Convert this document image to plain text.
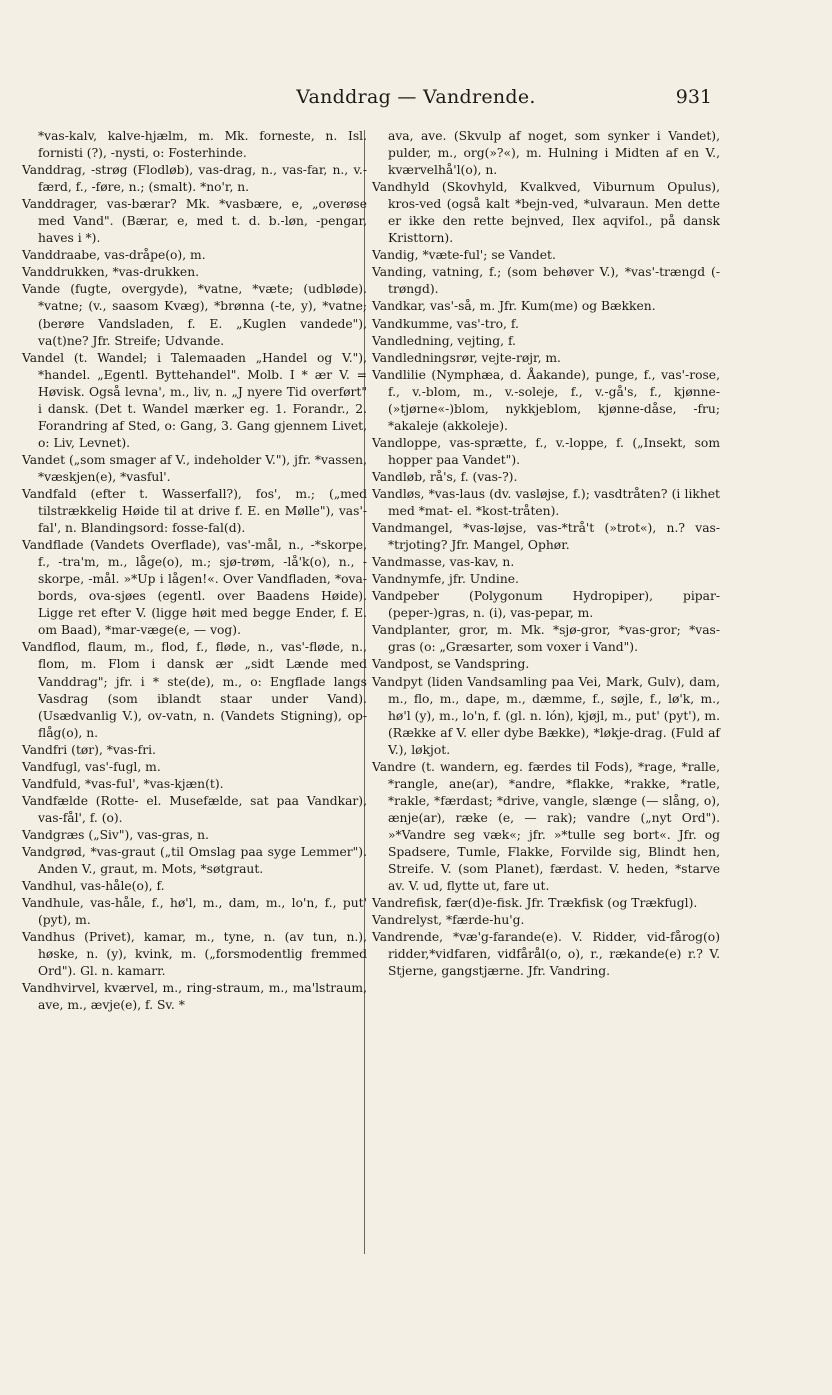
Vanddrag — Vandrende.	931

*vas-kalv, kalve-hjælm, m. Mk. forneste, n. Isl. fornisti (?), -nysti, o: Fosterhinde.

Vanddrag, -strøg (Flodløb), vas-drag, n., vas-far, n., v.-færd, f., -føre, n.; (smalt). *no'r, n.

Vanddrager, vas-bærar? Mk. *vasbære, e, „overøse med Vand". (Bærar, e, med t. d. b.-løn, -pengar, haves i *).

Vanddraabe, vas-dråpe(o), m.

Vanddrukken, *vas-drukken.

Vande (fugte, overgyde), *vatne, *væte; (udbløde). *vatne; (v., saasom Kvæg), *brønna (-te, y), *vatne; (berøre Vandsladen, f. E. „Kuglen vandede"), va(t)ne? Jfr. Streife; Udvande.

Vandel (t. Wandel; i Talemaaden „Handel og V."), *handel. „Egentl. Byttehandel". Molb. I * ær V. = Høvisk. Også levna', m., liv, n. „J nyere Tid overført" i dansk. (Det t. Wandel mærker eg. 1. Forandr., 2. Forandring af Sted, o: Gang, 3. Gang gjennem Livet, o: Liv, Levnet).

Vandet („som smager af V., indeholder V."), jfr. *vassen, *væskjen(e), *vasful'.

Vandfald (efter t. Wasserfall?), fos', m.; („med tilstrækkelig Høide til at drive f. E. en Mølle"), vas'-fal', n. Blandingsord: fosse-fal(d).

Vandflade (Vandets Overflade), vas'-mål, n., -*skorpe, f., -tra'm, m., låge(o), m.; sjø-trøm, -lå'k(o), n., -skorpe, -mål. »*Up i lågen!«. Over Vandfladen, *ova-bords, ova-sjøes (egentl. over Baadens Høide). Ligge ret efter V. (ligge høit med begge Ender, f. E. om Baad), *mar-væge(e, — vog).

Vandflod, flaum, m., flod, f., fløde, n., vas'-fløde, n., flom, m. Flom i dansk ær „sidt Lænde med Vanddrag"; jfr. i * ste(de), m., o: Engflade langs Vasdrag (som iblandt staar under Vand). (Usædvanlig V.), ov-vatn, n. (Vandets Stigning), op-flåg(o), n.

Vandfri (tør), *vas-fri.

Vandfugl, vas'-fugl, m.

Vandfuld, *vas-ful', *vas-kjæn(t).

Vandfælde (Rotte- el. Musefælde, sat paa Vandkar), vas-fål', f. (o).

Vandgræs („Siv"), vas-gras, n.

Vandgrød, *vas-graut („til Omslag paa syge Lemmer"). Anden V., graut, m. Mots, *søtgraut.

Vandhul, vas-håle(o), f.

Vandhule, vas-håle, f., hø'l, m., dam, m., lo'n, f., put' (pyt), m.

Vandhus (Privet), kamar, m., tyne, n. (av tun, n.), høske, n. (y), kvink, m. („forsmodentlig fremmed Ord"). Gl. n. kamarr.

Vandhvirvel, kværvel, m., ring-straum, m., ma'lstraum, ave, m., ævje(e), f. Sv. *

ava, ave. (Skvulp af noget, som synker i Vandet), pulder, m., org(»?«), m. Hulning i Midten af en V., kværvelhå'l(o), n.

Vandhyld (Skovhyld, Kvalkved, Viburnum Opulus), kros-ved (også kalt *bejn-ved, *ulvaraun. Men dette er ikke den rette bejnved, Ilex aqvifol., på dansk Kristtorn).

Vandig, *væte-ful'; se Vandet.

Vanding, vatning, f.; (som behøver V.), *vas'-trængd (-trøngd).

Vandkar, vas'-så, m. Jfr. Kum(me) og Bækken.

Vandkumme, vas'-tro, f.

Vandledning, vejting, f.

Vandledningsrør, vejte-røjr, m.

Vandlilie (Nymphæa, d. Åakande), punge, f., vas'-rose, f., v.-blom, m., v.-soleje, f., v.-gå's, f., kjønne-(»tjørne«-)blom, nykkjeblom, kjønne-dåse, -fru; *akaleje (akkoleje).

Vandloppe, vas-sprætte, f., v.-loppe, f. („Insekt, som hopper paa Vandet").

Vandløb, rå's, f. (vas-?).

Vandløs, *vas-laus (dv. vasløjse, f.); vasdtråten? (i likhet med *mat- el. *kost-tråten).

Vandmangel, *vas-løjse, vas-*trå't (»trot«), n.? vas-*trjoting? Jfr. Mangel, Ophør.

Vandmasse, vas-kav, n.

Vandnymfe, jfr. Undine.

Vandpeber (Polygonum Hydropiper), pipar-(peper-)gras, n. (i), vas-pepar, m.

Vandplanter, gror, m. Mk. *sjø-gror, *vas-gror; *vas-gras (o: „Græsarter, som voxer i Vand").

Vandpost, se Vandspring.

Vandpyt (liden Vandsamling paa Vei, Mark, Gulv), dam, m., flo, m., dape, m., dæmme, f., søjle, f., lø'k, m., hø'l (y), m., lo'n, f. (gl. n. lón), kjøjl, m., put' (pyt'), m. (Række af V. eller dybe Bække), *løkje-drag. (Fuld af V.), løkjot.

Vandre (t. wandern, eg. færdes til Fods), *rage, *ralle, *rangle, ane(ar), *andre, *flakke, *rakke, *ratle, *rakle, *færdast; *drive, vangle, slænge (— slång, o), ænje(ar), ræke (e, — rak); vandre („nyt Ord"). »*Vandre seg væk«; jfr. »*tulle seg bort«. Jfr. og Spadsere, Tumle, Flakke, Forvilde sig, Blindt hen, Streife. V. (som Planet), færdast. V. heden, *starve av. V. ud, flytte ut, fare ut.

Vandrefisk, fær(d)e-fisk. Jfr. Trækfisk (og Trækfugl).

Vandrelyst, *færde-hu'g.

Vandrende, *væ'g-farande(e). V. Ridder, vid-fårog(o) ridder,*vidfaren, vidfårål(o, o), r., rækande(e) r.? V. Stjerne, gangstjærne. Jfr. Vandring.
